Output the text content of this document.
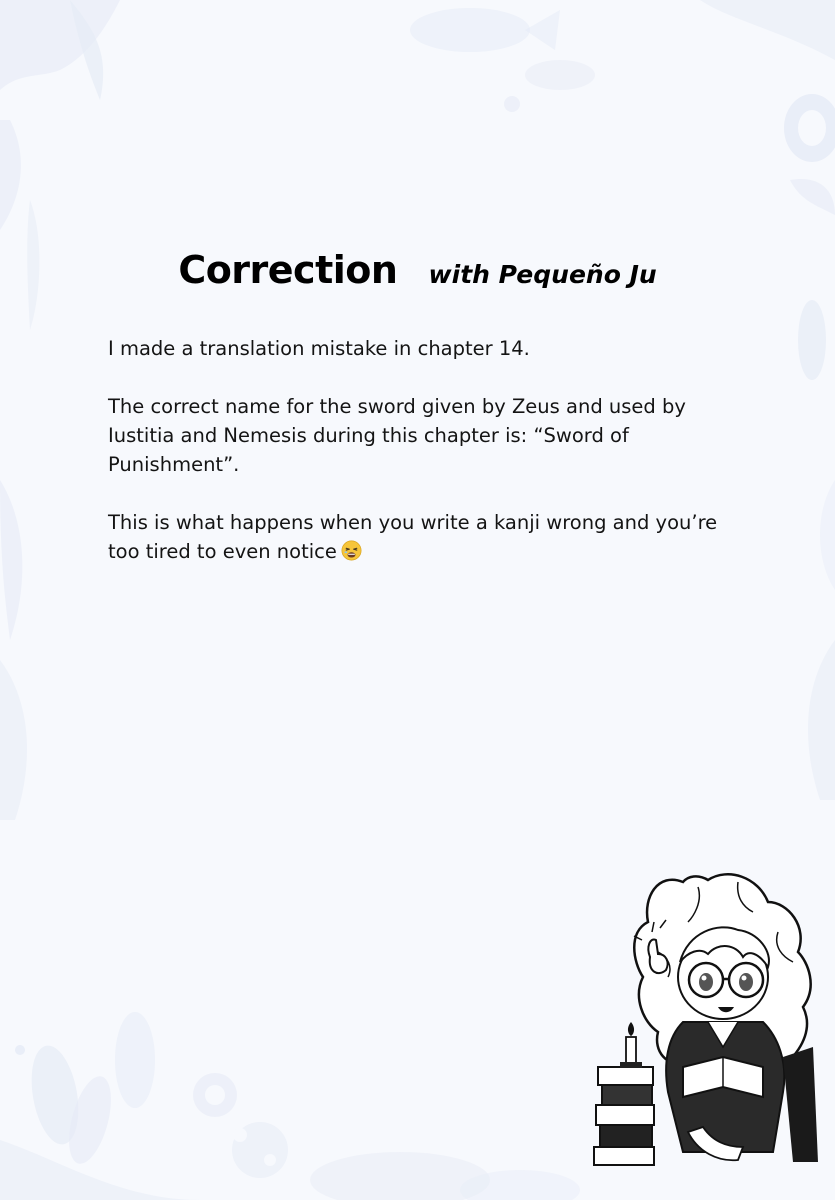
Correction with Pequeño Ju

I made a translation mistake in chapter 14.

The correct name for the sword given by Zeus and used by Iustitia and Nemesis during this chapter is: “Sword of Punishment”.

This is what happens when you write a kanji wrong and you’re too tired to even notice
